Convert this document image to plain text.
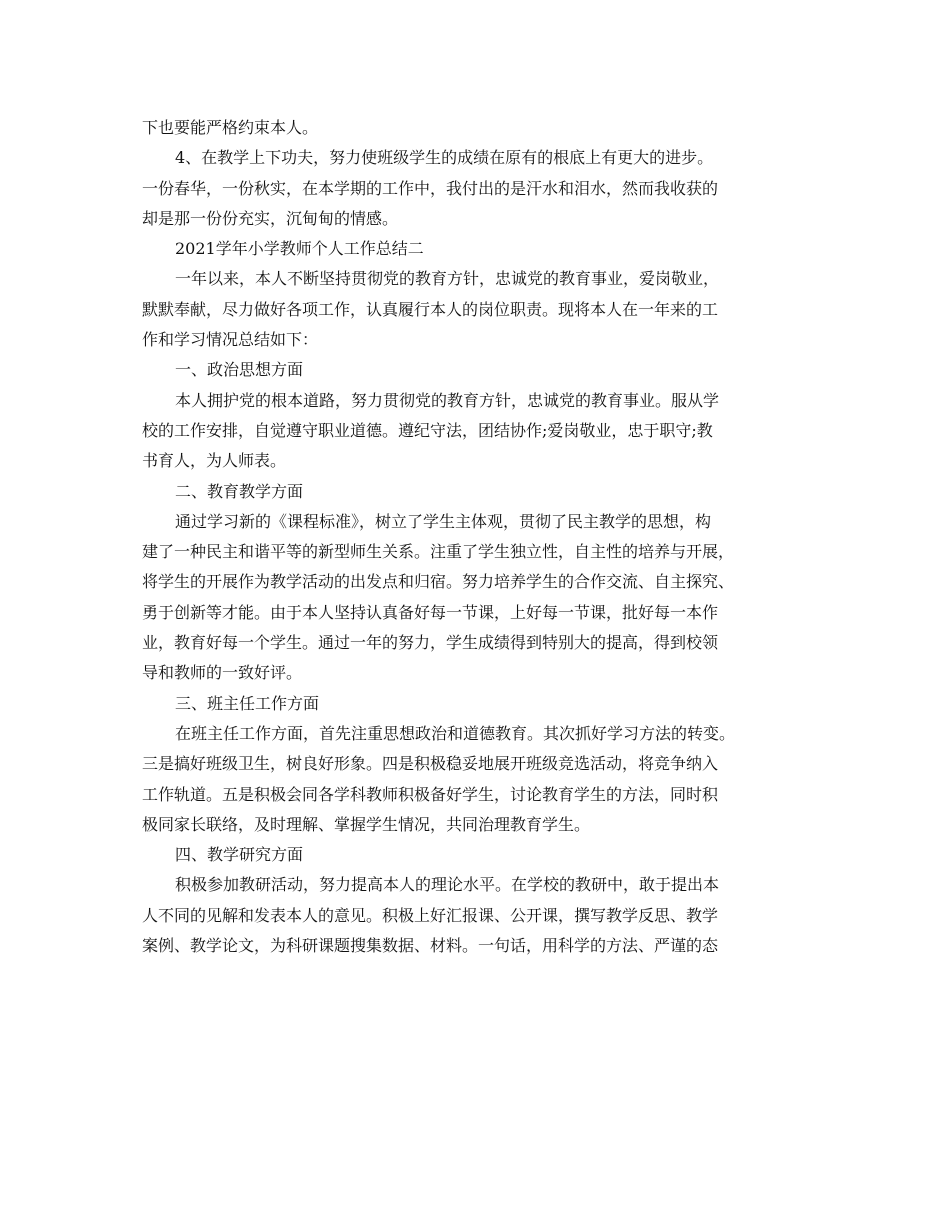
下也要能严格约束本人。
4、在教学上下功夫，努力使班级学生的成绩在原有的根底上有更大的进步。
一份春华，一份秋实，在本学期的工作中，我付出的是汗水和泪水，然而我收获的
却是那一份份充实，沉甸甸的情感。
2021学年小学教师个人工作总结二
一年以来，本人不断坚持贯彻党的教育方针，忠诚党的教育事业，爱岗敬业，
默默奉献，尽力做好各项工作，认真履行本人的岗位职责。现将本人在一年来的工
作和学习情况总结如下：
一、政治思想方面
本人拥护党的根本道路，努力贯彻党的教育方针，忠诚党的教育事业。服从学
校的工作安排，自觉遵守职业道德。遵纪守法，团结协作;爱岗敬业，忠于职守;教
书育人，为人师表。
二、教育教学方面
通过学习新的《课程标准》，树立了学生主体观，贯彻了民主教学的思想，构
建了一种民主和谐平等的新型师生关系。注重了学生独立性，自主性的培养与开展，
将学生的开展作为教学活动的出发点和归宿。努力培养学生的合作交流、自主探究、
勇于创新等才能。由于本人坚持认真备好每一节课，上好每一节课，批好每一本作
业，教育好每一个学生。通过一年的努力，学生成绩得到特别大的提高，得到校领
导和教师的一致好评。
三、班主任工作方面
在班主任工作方面，首先注重思想政治和道德教育。其次抓好学习方法的转变。
三是搞好班级卫生，树良好形象。四是积极稳妥地展开班级竞选活动，将竞争纳入
工作轨道。五是积极会同各学科教师积极备好学生，讨论教育学生的方法，同时积
极同家长联络，及时理解、掌握学生情况，共同治理教育学生。
四、教学研究方面
积极参加教研活动，努力提高本人的理论水平。在学校的教研中，敢于提出本
人不同的见解和发表本人的意见。积极上好汇报课、公开课，撰写教学反思、教学
案例、教学论文，为科研课题搜集数据、材料。一句话，用科学的方法、严谨的态
